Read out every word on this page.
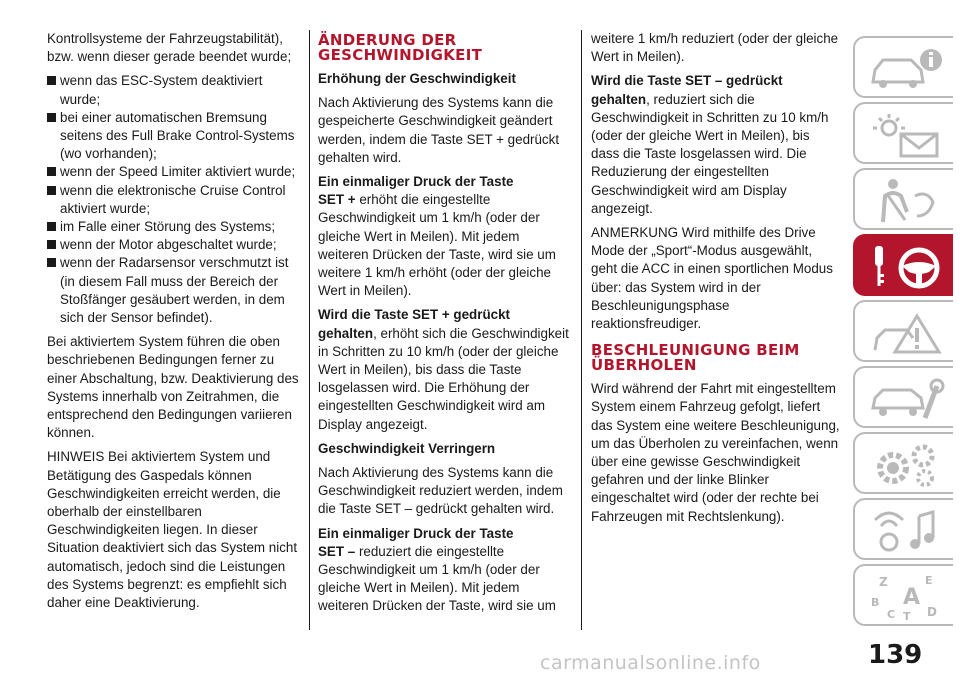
Kontrollsysteme der Fahrzeugstabilität), bzw. wenn dieser gerade beendet wurde;

wenn das ESC-System deaktiviert wurde;

bei einer automatischen Bremsung seitens des Full Brake Control-Systems (wo vorhanden);

wenn der Speed Limiter aktiviert wurde;

wenn die elektronische Cruise Control aktiviert wurde;

im Falle einer Störung des Systems;

wenn der Motor abgeschaltet wurde;

wenn der Radarsensor verschmutzt ist (in diesem Fall muss der Bereich der Stoßfänger gesäubert werden, in dem sich der Sensor befindet).

Bei aktiviertem System führen die oben beschriebenen Bedingungen ferner zu einer Abschaltung, bzw. Deaktivierung des Systems innerhalb von Zeitrahmen, die entsprechend den Bedingungen variieren können.

HINWEIS Bei aktiviertem System und Betätigung des Gaspedals können Geschwindigkeiten erreicht werden, die oberhalb der einstellbaren Geschwindigkeiten liegen. In dieser Situation deaktiviert sich das System nicht automatisch, jedoch sind die Leistungen des Systems begrenzt: es empfiehlt sich daher eine Deaktivierung.

ÄNDERUNG DER GESCHWINDIGKEIT

Erhöhung der Geschwindigkeit

Nach Aktivierung des Systems kann die gespeicherte Geschwindigkeit geändert werden, indem die Taste SET + gedrückt gehalten wird.

Ein einmaliger Druck der Taste
SET + erhöht die eingestellte Geschwindigkeit um 1 km/h (oder der gleiche Wert in Meilen). Mit jedem weiteren Drücken der Taste, wird sie um weitere 1 km/h erhöht (oder der gleiche Wert in Meilen).

Wird die Taste SET + gedrückt
gehalten, erhöht sich die Geschwindigkeit in Schritten zu 10 km/h (oder der gleiche Wert in Meilen), bis dass die Taste losgelassen wird. Die Erhöhung der eingestellten Geschwindigkeit wird am Display angezeigt.

Geschwindigkeit Verringern

Nach Aktivierung des Systems kann die Geschwindigkeit reduziert werden, indem die Taste SET – gedrückt gehalten wird.

Ein einmaliger Druck der Taste
SET – reduziert die eingestellte Geschwindigkeit um 1 km/h (oder der gleiche Wert in Meilen). Mit jedem weiteren Drücken der Taste, wird sie um

weitere 1 km/h reduziert (oder der gleiche Wert in Meilen).

Wird die Taste SET – gedrückt
gehalten, reduziert sich die Geschwindigkeit in Schritten zu 10 km/h (oder der gleiche Wert in Meilen), bis dass die Taste losgelassen wird. Die Reduzierung der eingestellten Geschwindigkeit wird am Display angezeigt.

ANMERKUNG Wird mithilfe des Drive Mode der „Sport“-Modus ausgewählt, geht die ACC in einen sportlichen Modus über: das System wird in der Beschleunigungsphase reaktionsfreudiger.

BESCHLEUNIGUNG BEIM ÜBERHOLEN

Wird während der Fahrt mit eingestelltem System einem Fahrzeug gefolgt, liefert das System eine weitere Beschleunigung, um das Überholen zu vereinfachen, wenn über eine gewisse Geschwindigkeit gefahren und der linke Blinker eingeschaltet wird (oder der rechte bei Fahrzeugen mit Rechtslenkung).

Z	E
B A
C T D
139
carmanualsonline.info
